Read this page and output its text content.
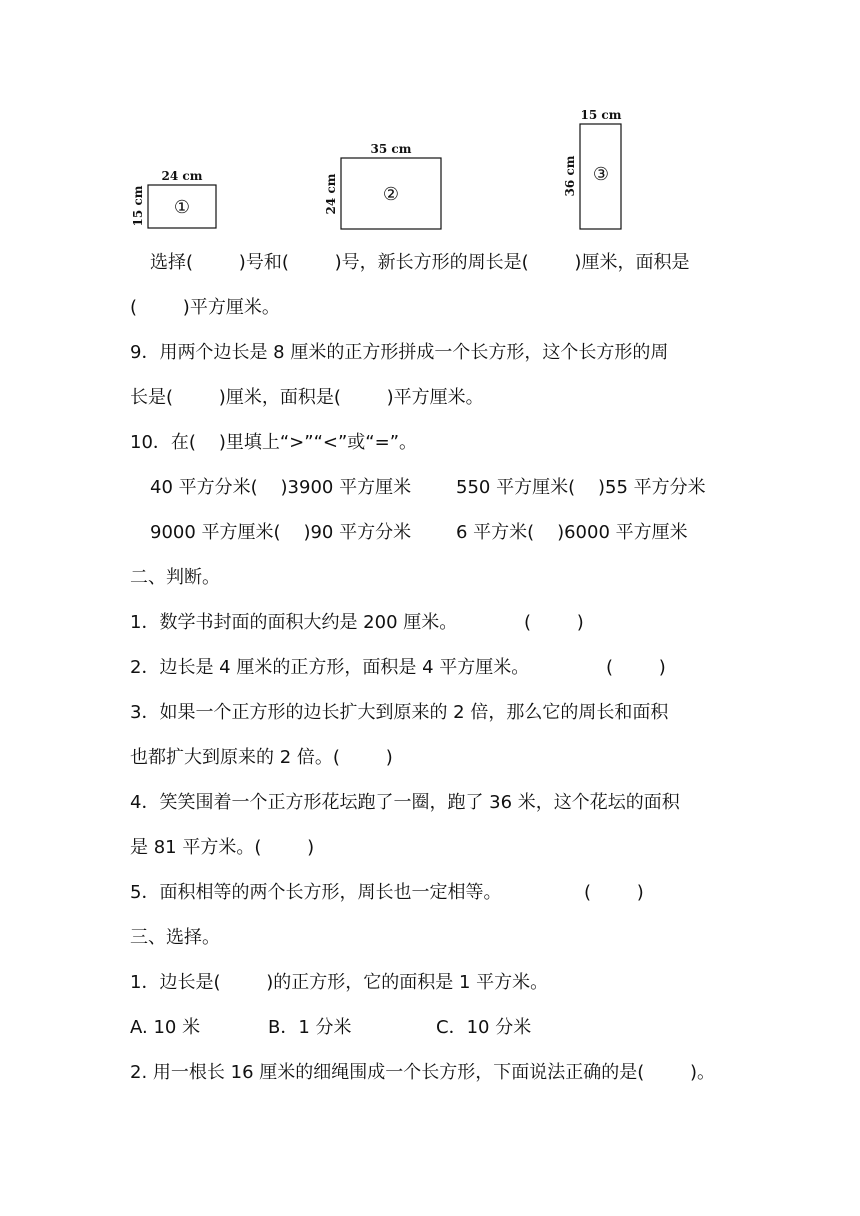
24 cm
15 cm ①
35 cm
24 cm ②
15 cm
36 cm ③
选择(        )号和(        )号，新长方形的周长是(        )厘米，面积是
(        )平方厘米。
9．用两个边长是 8 厘米的正方形拼成一个长方形，这个长方形的周
长是(        )厘米，面积是(        )平方厘米。
10．在(    )里填上“>”“<”或“=”。
40 平方分米(    )3900 平方厘米 550 平方厘米(    )55 平方分米
9000 平方厘米(    )90 平方分米 6 平方米(    )6000 平方厘米
二、判断。
1．数学书封面的面积大约是 200 厘米。	(        )
2．边长是 4 厘米的正方形，面积是 4 平方厘米。	(        )
3．如果一个正方形的边长扩大到原来的 2 倍，那么它的周长和面积
也都扩大到原来的 2 倍。(        )
4．笑笑围着一个正方形花坛跑了一圈，跑了 36 米，这个花坛的面积
是 81 平方米。(        )
5．面积相等的两个长方形，周长也一定相等。	(        )
三、选择。
1．边长是(        )的正方形，它的面积是 1 平方米。
A. 10 米	B．1 分米	C．10 分米
2. 用一根长 16 厘米的细绳围成一个长方形，下面说法正确的是(        )。
